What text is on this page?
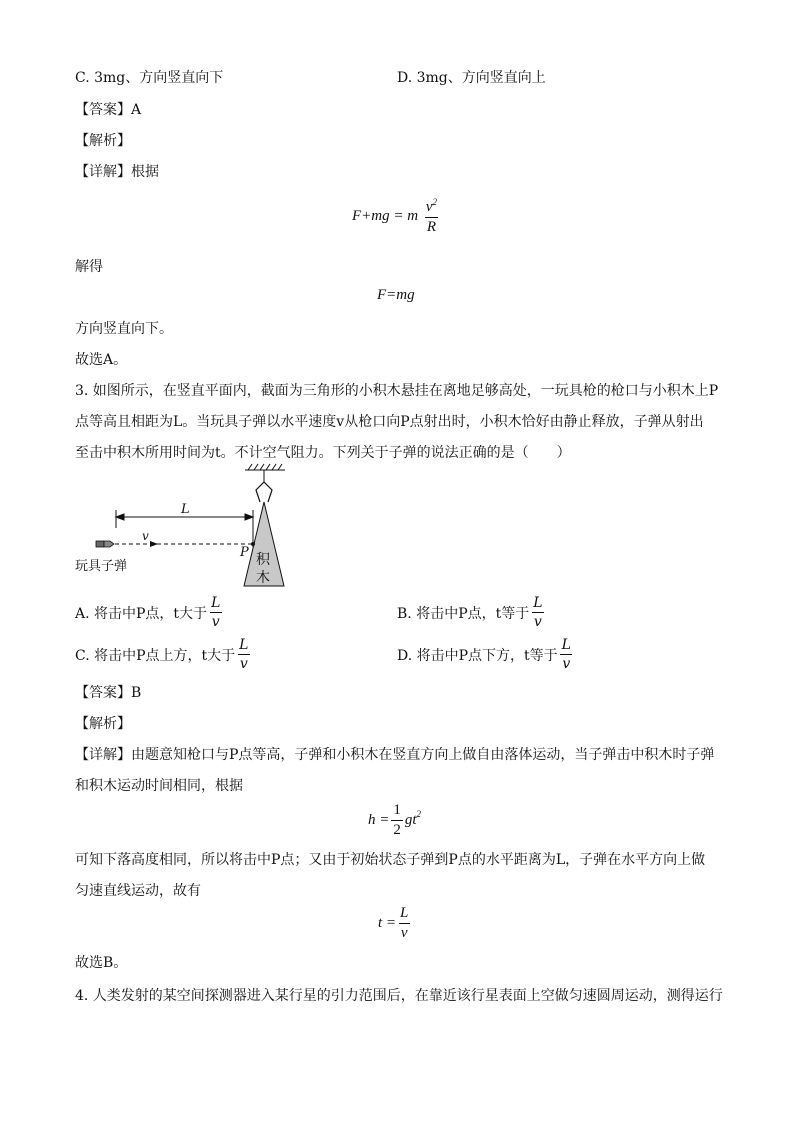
C. 3mg、方向竖直向下	D. 3mg、方向竖直向上
【答案】A
【解析】
【详解】根据
F+mg = m $\frac{v^2}{R}$
解得
F=mg
方向竖直向下。
故选A。
3. 如图所示，在竖直平面内，截面为三角形的小积木悬挂在离地足够高处，一玩具枪的枪口与小积木上P
点等高且相距为L。当玩具子弹以水平速度v从枪口向P点射出时，小积木恰好由静止释放，子弹从射出
至击中积木所用时间为t。不计空气阻力。下列关于子弹的说法正确的是（　　）
L
v
P 积
木
玩具子弹
A. 将击中P点，t大于 $\frac{L}{v}$	B. 将击中P点，t等于 $\frac{L}{v}$
C. 将击中P点上方，t大于 $\frac{L}{v}$	D. 将击中P点下方，t等于 $\frac{L}{v}$
【答案】B
【解析】
【详解】由题意知枪口与P点等高，子弹和小积木在竖直方向上做自由落体运动，当子弹击中积木时子弹
和积木运动时间相同，根据
$h = \frac{1}{2} gt^2$
可知下落高度相同，所以将击中P点；又由于初始状态子弹到P点的水平距离为L，子弹在水平方向上做
匀速直线运动，故有
$t = \frac{L}{v}$
故选B。
4. 人类发射的某空间探测器进入某行星的引力范围后，在靠近该行星表面上空做匀速圆周运动，测得运行
